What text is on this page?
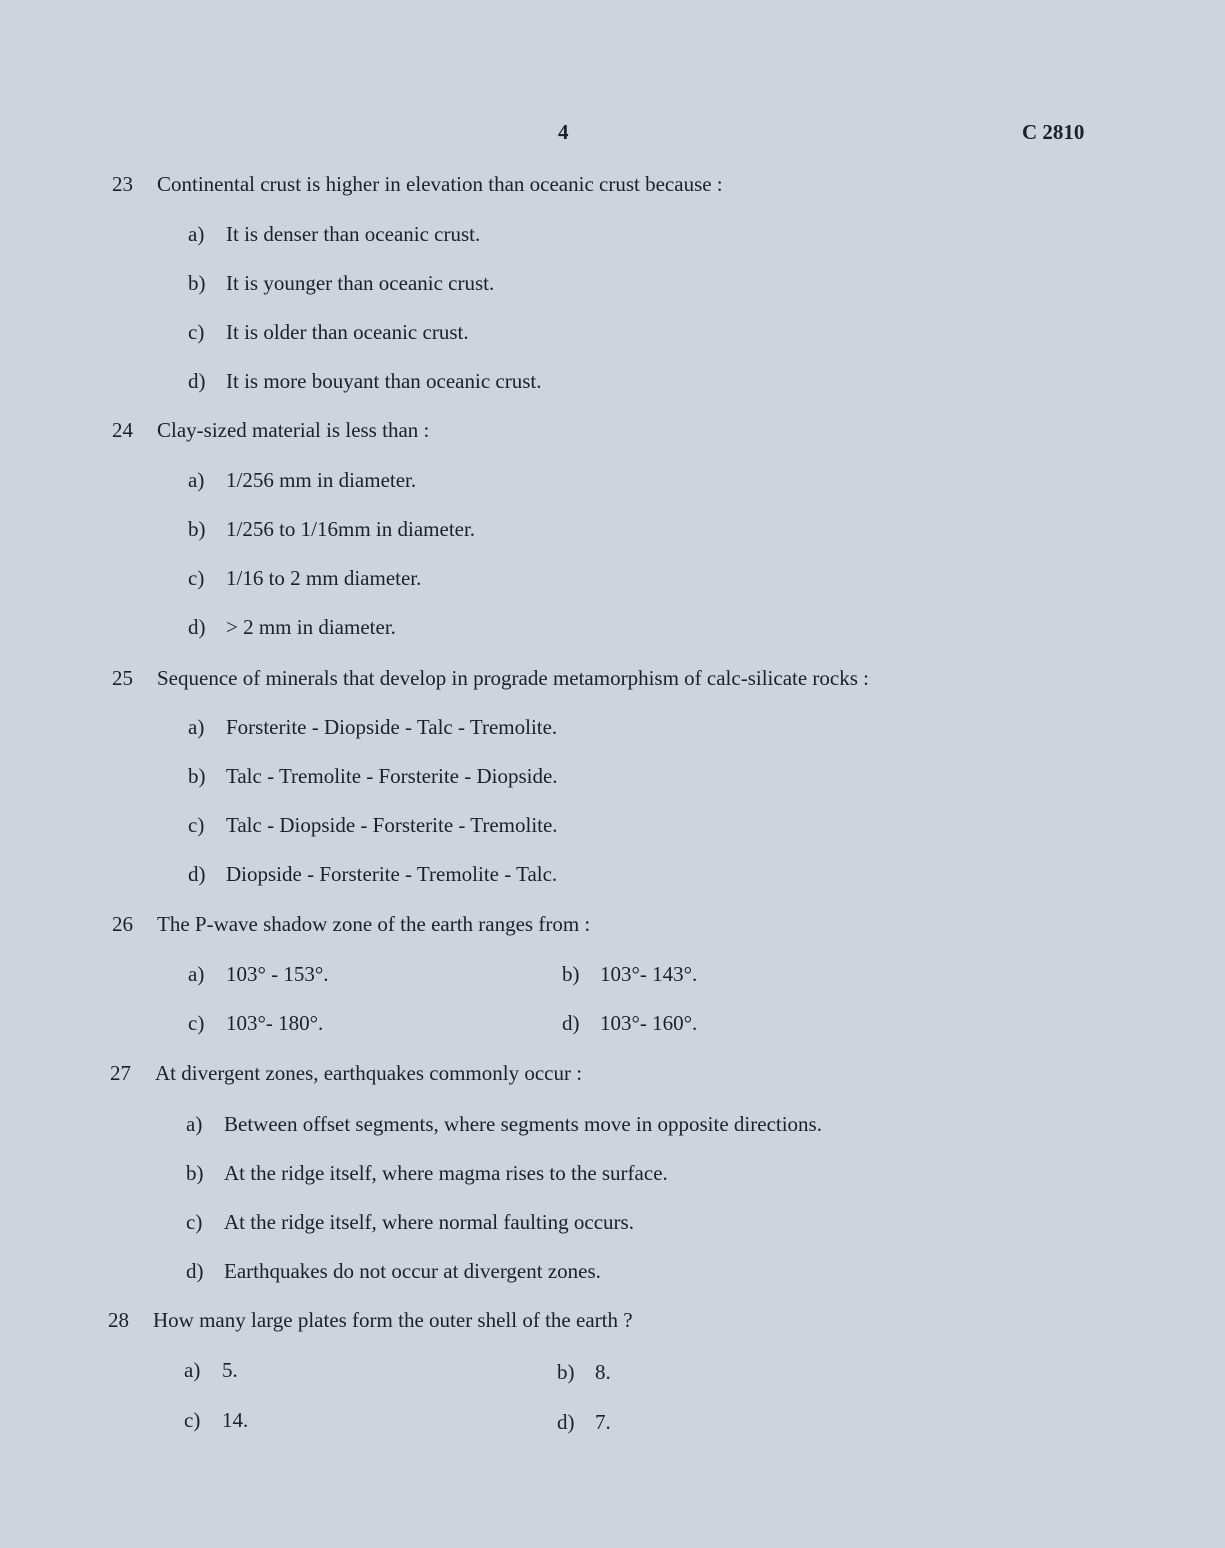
4	C 2810
23 Continental crust is higher in elevation than oceanic crust because :
a) It is denser than oceanic crust.
b) It is younger than oceanic crust.
c) It is older than oceanic crust.
d) It is more bouyant than oceanic crust.
24 Clay-sized material is less than :
a) 1/256 mm in diameter.
b) 1/256 to 1/16mm in diameter.
c) 1/16 to 2 mm diameter.
d) > 2 mm in diameter.
25 Sequence of minerals that develop in prograde metamorphism of calc-silicate rocks :
a) Forsterite - Diopside - Talc - Tremolite.
b) Talc - Tremolite - Forsterite - Diopside.
c) Talc - Diopside - Forsterite - Tremolite.
d) Diopside - Forsterite - Tremolite - Talc.
26 The P-wave shadow zone of the earth ranges from :
a) 103° - 153°.	b) 103°- 143°.
c) 103°- 180°.	d) 103°- 160°.
27 At divergent zones, earthquakes commonly occur :
a) Between offset segments, where segments move in opposite directions.
b) At the ridge itself, where magma rises to the surface.
c) At the ridge itself, where normal faulting occurs.
d) Earthquakes do not occur at divergent zones.
28 How many large plates form the outer shell of the earth ?
a) 5.	b) 8.
c) 14.	d) 7.
